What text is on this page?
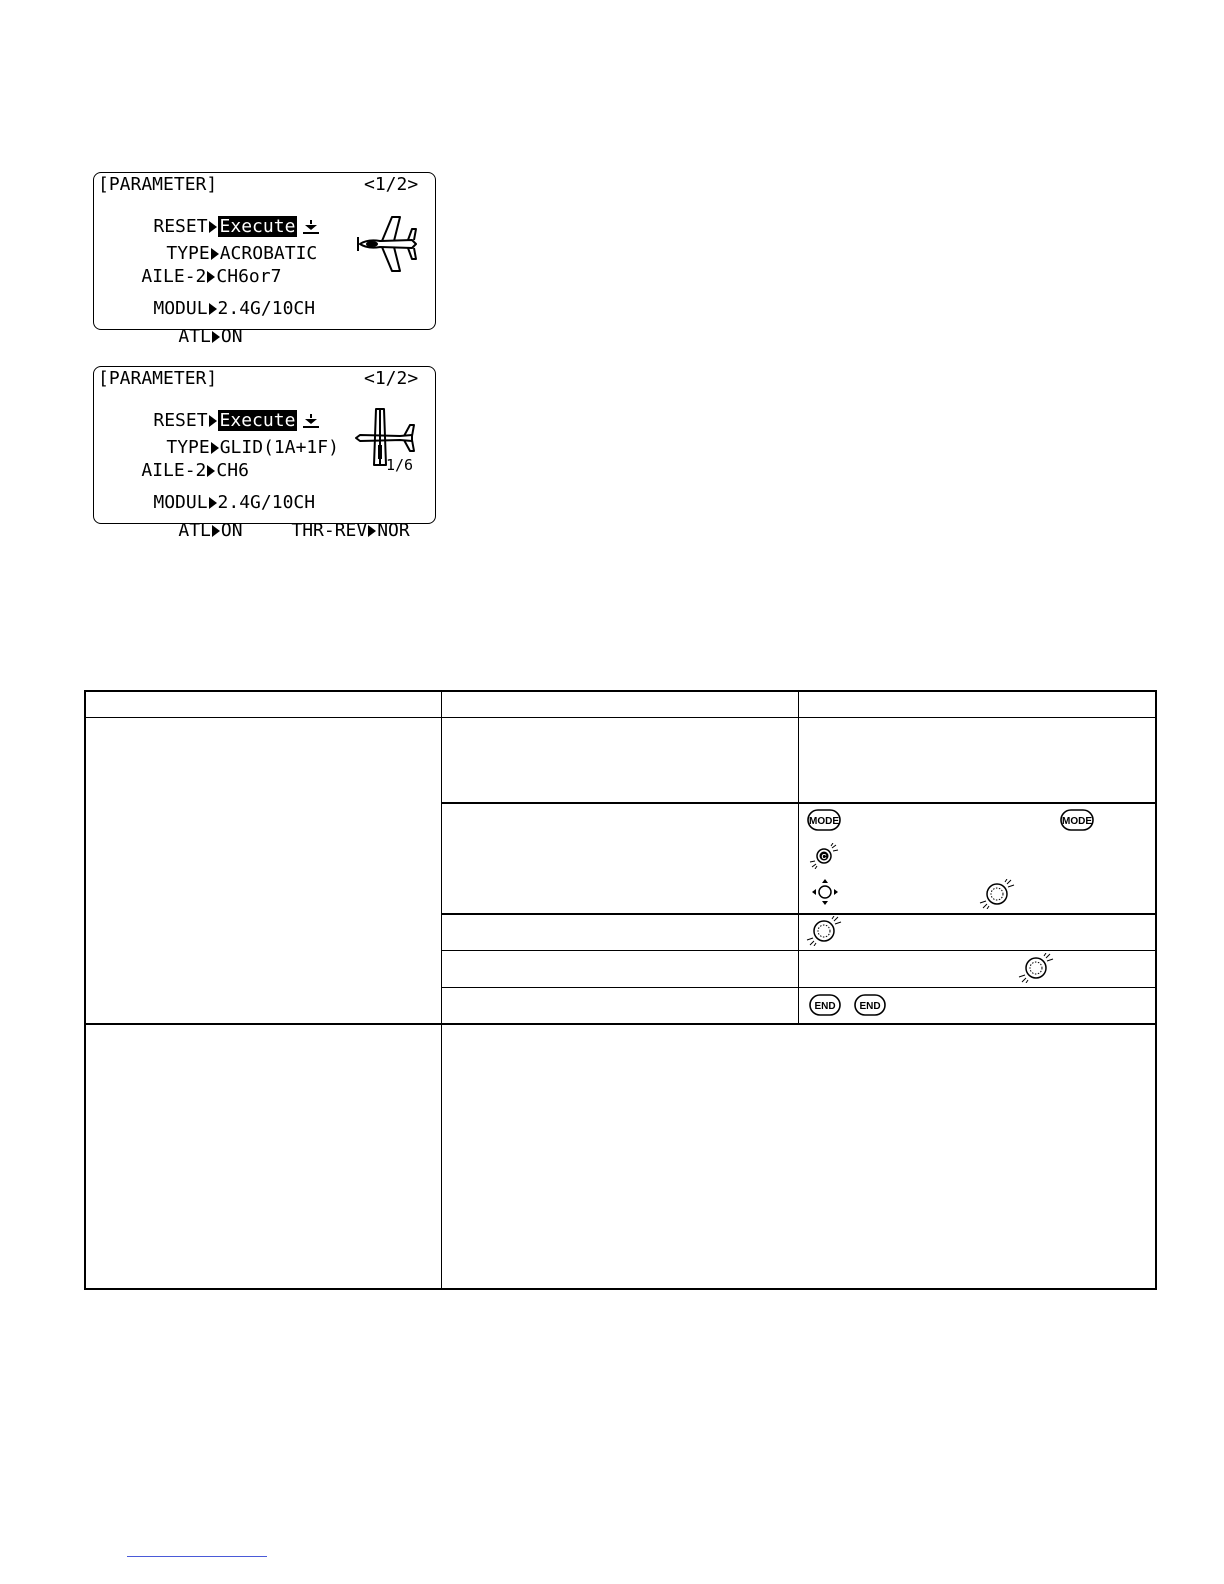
[PARAMETER]	<1/2>

RESET Execute

TYPE ACROBATIC

AILE-2 CH6or7

MODUL 2.4G/10CH

ATL ON

[PARAMETER]	<1/2>

RESET Execute

TYPE GLID(1A+1F)

AILE-2 CH6

MODUL 2.4G/10CH

ATL ON
	THR-REV NOR

1/6
MODE	MODE
C
END END
